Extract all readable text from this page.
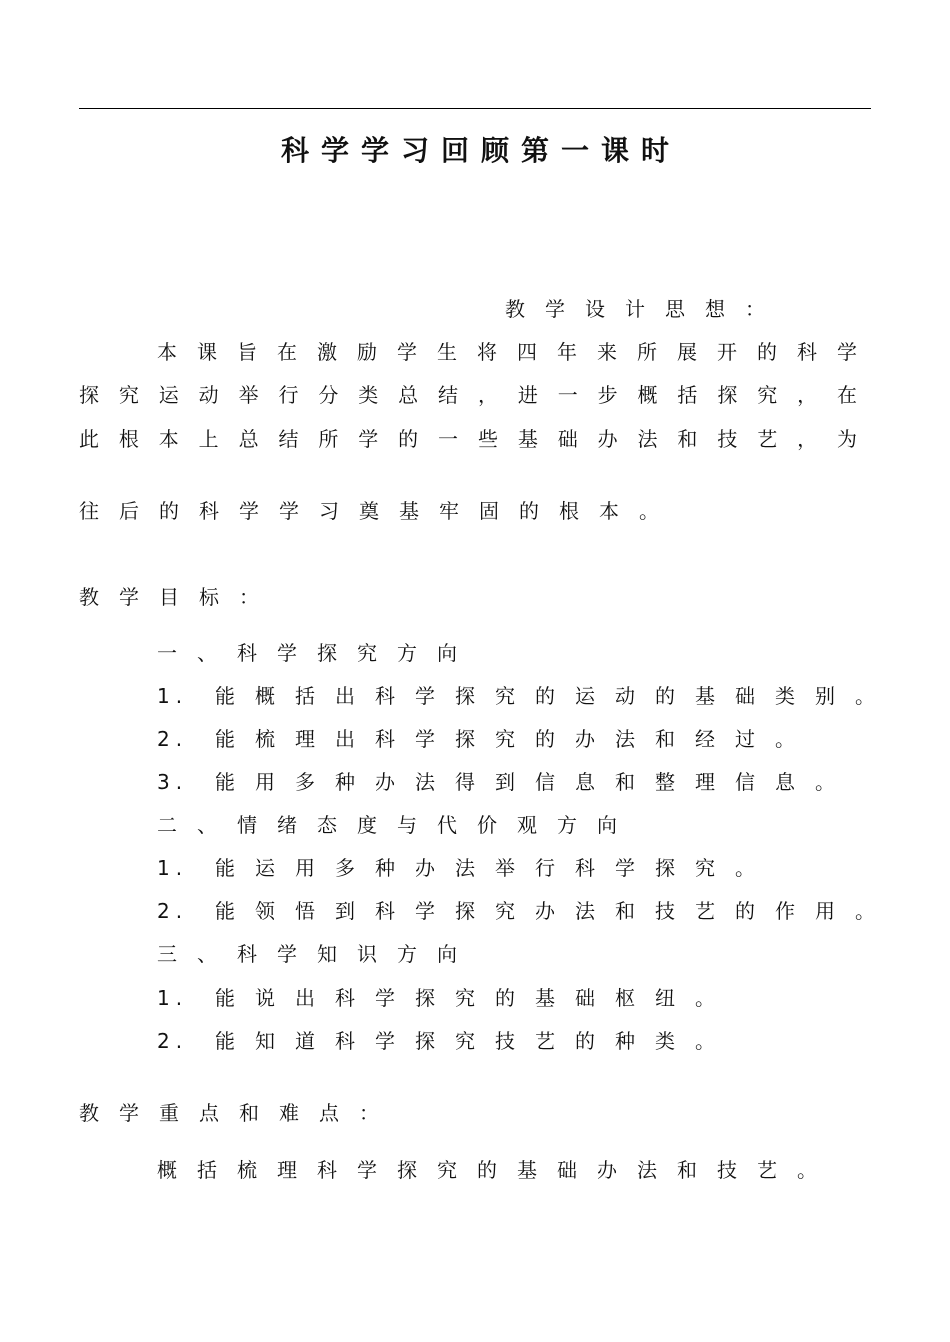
科学学习回顾第一课时
教学设计思想：
本课旨在激励学生将四年来所展开的科学
探究运动举行分类总结，进一步概括探究，在
此根本上总结所学的一些基础办法和技艺，为
往后的科学学习奠基牢固的根本。
教学目标：
一、科学探究方向
1. 能概括出科学探究的运动的基础类别。
2. 能梳理出科学探究的办法和经过。
3. 能用多种办法得到信息和整理信息。
二、情绪态度与代价观方向
1. 能运用多种办法举行科学探究。
2. 能领悟到科学探究办法和技艺的作用。
三、科学知识方向
1. 能说出科学探究的基础枢纽。
2. 能知道科学探究技艺的种类。
教学重点和难点：
概括梳理科学探究的基础办法和技艺。
